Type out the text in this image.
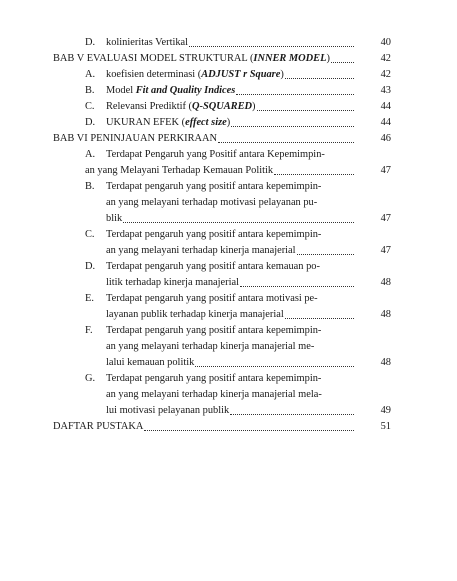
D.	kolinieritas Vertikal	40
BAB V EVALUASI MODEL STRUKTURAL (INNER MODEL)	42
A.	koefisien determinasi (ADJUST r Square)	42
B.	Model Fit and Quality Indices	43
C.	Relevansi Prediktif (Q-SQUARED)	44
D.	UKURAN EFEK (effect size)	44
BAB VI PENINJAUAN PERKIRAAN	46
A.	Terdapat Pengaruh yang Positif antara Kepemimpin-
an yang Melayani Terhadap Kemauan Politik	47
B.	Terdapat pengaruh yang positif antara kepemimpin-
an yang melayani terhadap motivasi pelayanan pu-
blik	47
C.	Terdapat pengaruh yang positif antara kepemimpin-
an yang melayani terhadap kinerja manajerial	47
D.	Terdapat pengaruh yang positif antara kemauan po-
litik terhadap kinerja manajerial	48
E.	Terdapat pengaruh yang positif antara motivasi pe-
layanan publik terhadap kinerja manajerial	48
F.	Terdapat pengaruh yang positif antara kepemimpin-
an yang melayani terhadap kinerja manajerial me-
lalui kemauan politik	48
G.	Terdapat pengaruh yang positif antara kepemimpin-
an yang melayani terhadap kinerja manajerial mela-
lui motivasi pelayanan publik	49
DAFTAR PUSTAKA	51
